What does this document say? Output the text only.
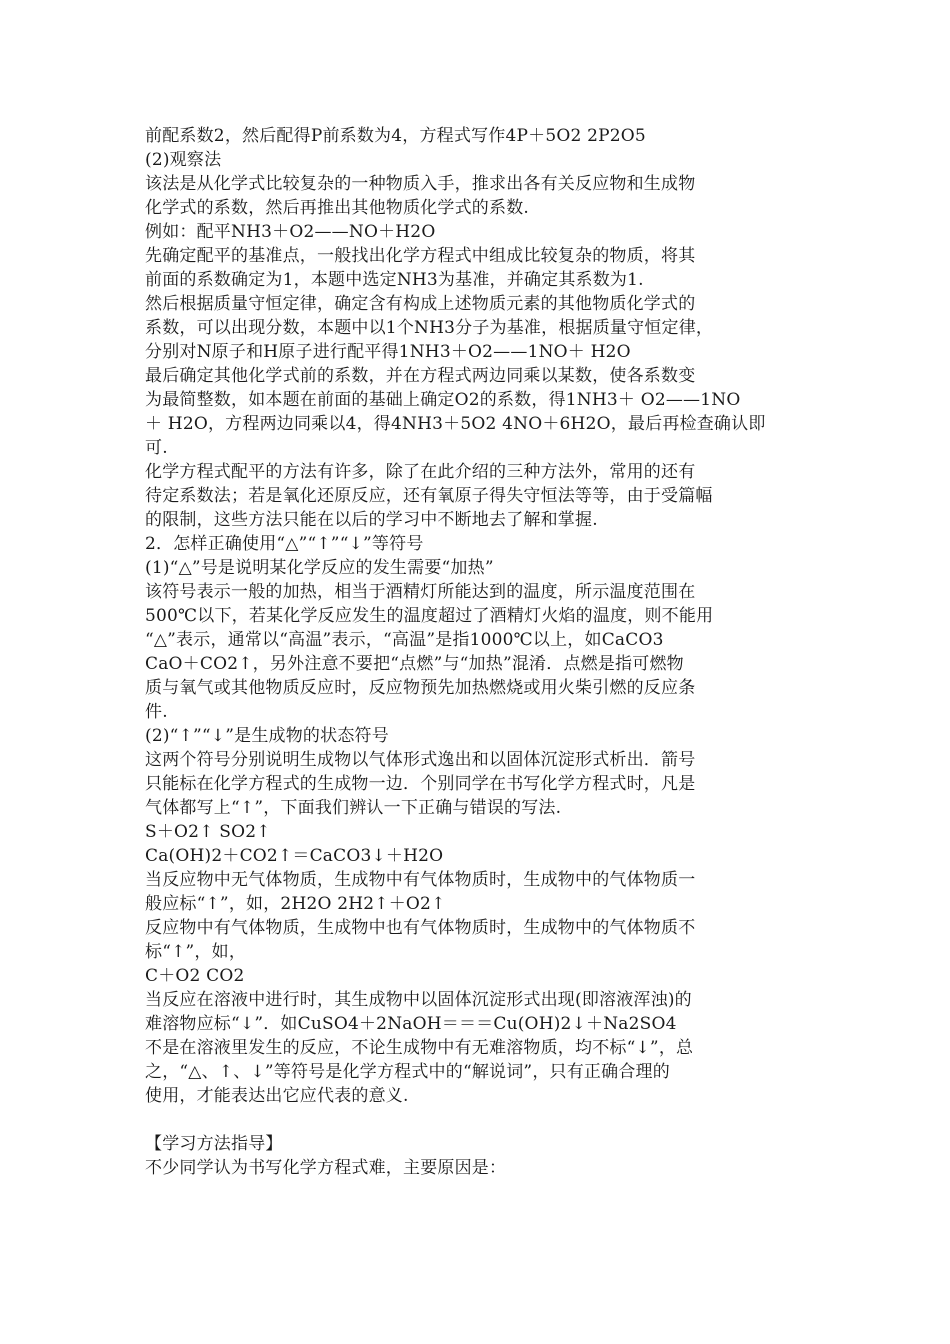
前配系数2，然后配得P前系数为4，方程式写作4P＋5O2 2P2O5
(2)观察法
该法是从化学式比较复杂的一种物质入手，推求出各有关反应物和生成物
化学式的系数，然后再推出其他物质化学式的系数.
例如：配平NH3＋O2——NO＋H2O
先确定配平的基准点，一般找出化学方程式中组成比较复杂的物质，将其
前面的系数确定为1，本题中选定NH3为基准，并确定其系数为1.
然后根据质量守恒定律，确定含有构成上述物质元素的其他物质化学式的
系数，可以出现分数，本题中以1个NH3分子为基准，根据质量守恒定律，
分别对N原子和H原子进行配平得1NH3＋O2——1NO＋ H2O
最后确定其他化学式前的系数，并在方程式两边同乘以某数，使各系数变
为最简整数，如本题在前面的基础上确定O2的系数，得1NH3＋ O2——1NO
＋ H2O，方程两边同乘以4，得4NH3＋5O2 4NO＋6H2O，最后再检查确认即
可.
化学方程式配平的方法有许多，除了在此介绍的三种方法外，常用的还有
待定系数法；若是氧化还原反应，还有氧原子得失守恒法等等，由于受篇幅
的限制，这些方法只能在以后的学习中不断地去了解和掌握.
2．怎样正确使用“△”“↑”“↓”等符号
(1)“△”号是说明某化学反应的发生需要“加热”
该符号表示一般的加热，相当于酒精灯所能达到的温度，所示温度范围在
500℃以下，若某化学反应发生的温度超过了酒精灯火焰的温度，则不能用
“△”表示，通常以“高温”表示，“高温”是指1000℃以上，如CaCO3
CaO＋CO2↑，另外注意不要把“点燃”与“加热”混淆．点燃是指可燃物
质与氧气或其他物质反应时，反应物预先加热燃烧或用火柴引燃的反应条
件.
(2)“↑”“↓”是生成物的状态符号
这两个符号分别说明生成物以气体形式逸出和以固体沉淀形式析出．箭号
只能标在化学方程式的生成物一边．个别同学在书写化学方程式时，凡是
气体都写上“↑”，下面我们辨认一下正确与错误的写法.
S＋O2↑ SO2↑
Ca(OH)2＋CO2↑＝CaCO3↓＋H2O
当反应物中无气体物质，生成物中有气体物质时，生成物中的气体物质一
般应标“↑”，如，2H2O 2H2↑＋O2↑
反应物中有气体物质，生成物中也有气体物质时，生成物中的气体物质不
标“↑”，如，
C＋O2 CO2
当反应在溶液中进行时，其生成物中以固体沉淀形式出现(即溶液浑浊)的
难溶物应标“↓”．如CuSO4＋2NaOH＝＝＝Cu(OH)2↓＋Na2SO4
不是在溶液里发生的反应，不论生成物中有无难溶物质，均不标“↓”，总
之，“△、↑、↓”等符号是化学方程式中的“解说词”，只有正确合理的
使用，才能表达出它应代表的意义.
【学习方法指导】
不少同学认为书写化学方程式难，主要原因是：
